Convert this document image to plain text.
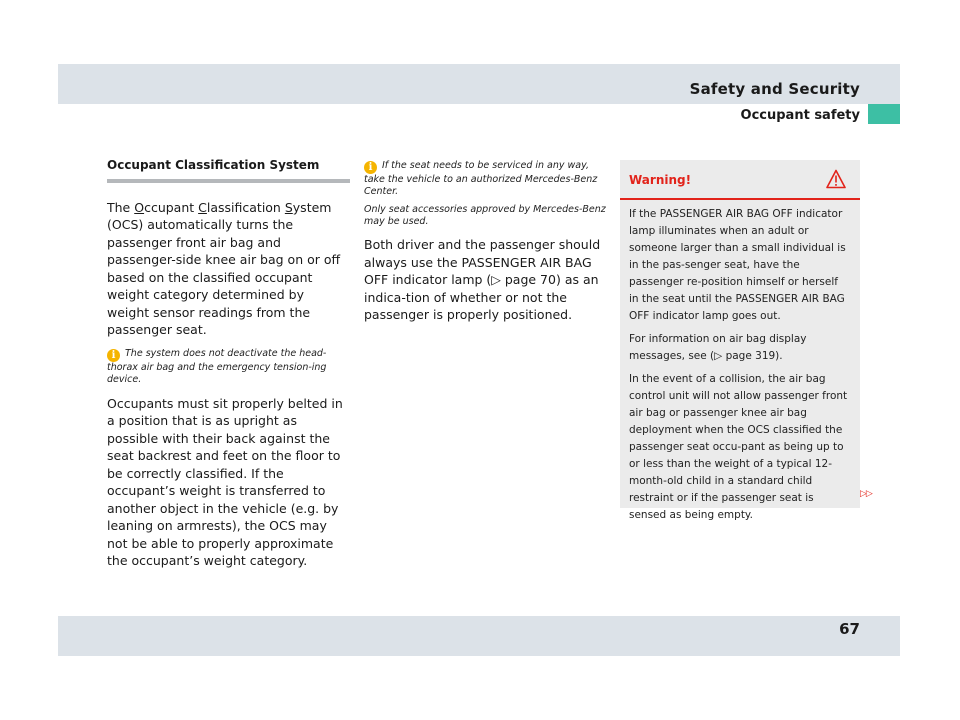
Safety and Security
Occupant safety
Occupant Classification System

The Occupant Classification System (OCS) automatically turns the passenger front air bag and passenger-side knee air bag on or off based on the classified occupant weight category determined by weight sensor readings from the passenger seat.

i The system does not deactivate the head-thorax air bag and the emergency tension-ing device.

Occupants must sit properly belted in a position that is as upright as possible with their back against the seat backrest and feet on the floor to be correctly classified. If the occupant’s weight is transferred to another object in the vehicle (e.g. by leaning on armrests), the OCS may not be able to properly approximate the occupant’s weight category.

i If the seat needs to be serviced in any way, take the vehicle to an authorized Mercedes-Benz Center.

Only seat accessories approved by Mercedes-Benz may be used.

Both driver and the passenger should always use the PASSENGER AIR BAG OFF indicator lamp (▷ page 70) as an indica-tion of whether or not the passenger is properly positioned.

Warning!

If the PASSENGER AIR BAG OFF indicator lamp illuminates when an adult or someone larger than a small individual is in the pas-senger seat, have the passenger re-position himself or herself in the seat until the PASSENGER AIR BAG OFF indicator lamp goes out.

For information on air bag display messages, see (▷ page 319).

In the event of a collision, the air bag control unit will not allow passenger front air bag or passenger knee air bag deployment when the OCS classified the passenger seat occu-pant as being up to or less than the weight of a typical 12-month-old child in a standard child restraint or if the passenger seat is sensed as being empty.

▷▷
67
